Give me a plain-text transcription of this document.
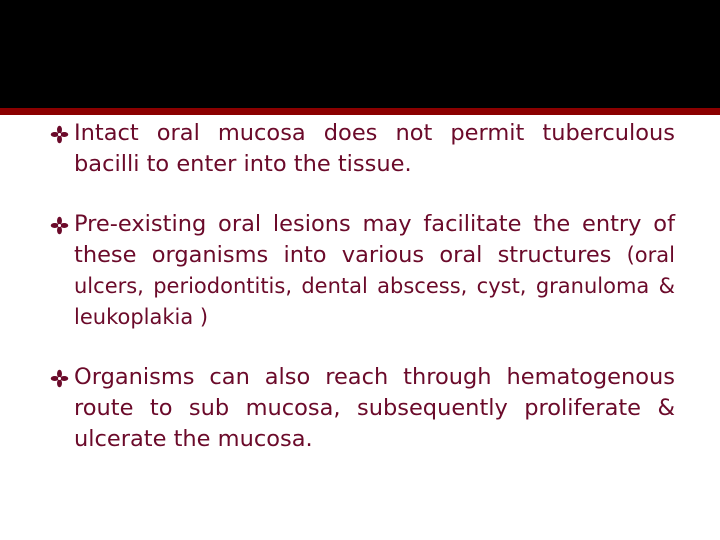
Intact oral mucosa does not permit tuberculous bacilli to enter into the tissue.
Pre-existing oral lesions may facilitate the entry of these organisms into various oral structures (oral ulcers, periodontitis, dental abscess, cyst, granuloma & leukoplakia )
Organisms can also reach through hematogenous route to sub mucosa, subsequently proliferate & ulcerate the mucosa.
